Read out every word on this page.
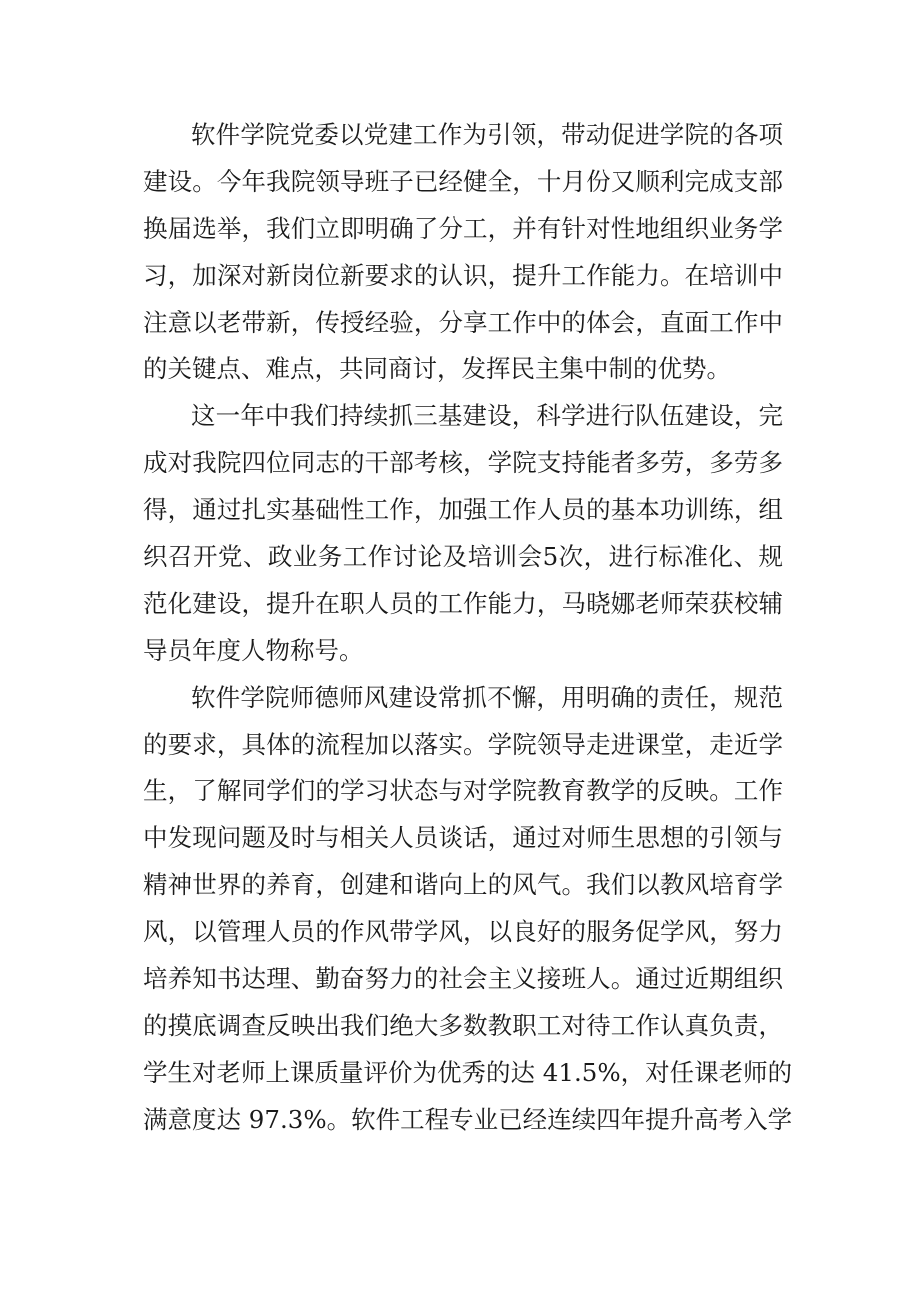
软件学院党委以党建工作为引领，带动促进学院的各项
建设。今年我院领导班子已经健全，十月份又顺利完成支部
换届选举，我们立即明确了分工，并有针对性地组织业务学
习，加深对新岗位新要求的认识，提升工作能力。在培训中
注意以老带新，传授经验，分享工作中的体会，直面工作中
的关键点、难点，共同商讨，发挥民主集中制的优势。
这一年中我们持续抓三基建设，科学进行队伍建设，完
成对我院四位同志的干部考核，学院支持能者多劳，多劳多
得，通过扎实基础性工作，加强工作人员的基本功训练，组
织召开党、政业务工作讨论及培训会5次，进行标准化、规
范化建设，提升在职人员的工作能力，马晓娜老师荣获校辅
导员年度人物称号。
软件学院师德师风建设常抓不懈，用明确的责任，规范
的要求，具体的流程加以落实。学院领导走进课堂，走近学
生，了解同学们的学习状态与对学院教育教学的反映。工作
中发现问题及时与相关人员谈话，通过对师生思想的引领与
精神世界的养育，创建和谐向上的风气。我们以教风培育学
风，以管理人员的作风带学风，以良好的服务促学风，努力
培养知书达理、勤奋努力的社会主义接班人。通过近期组织
的摸底调查反映出我们绝大多数教职工对待工作认真负责，
学生对老师上课质量评价为优秀的达 41.5%，对任课老师的
满意度达 97.3%。软件工程专业已经连续四年提升高考入学
